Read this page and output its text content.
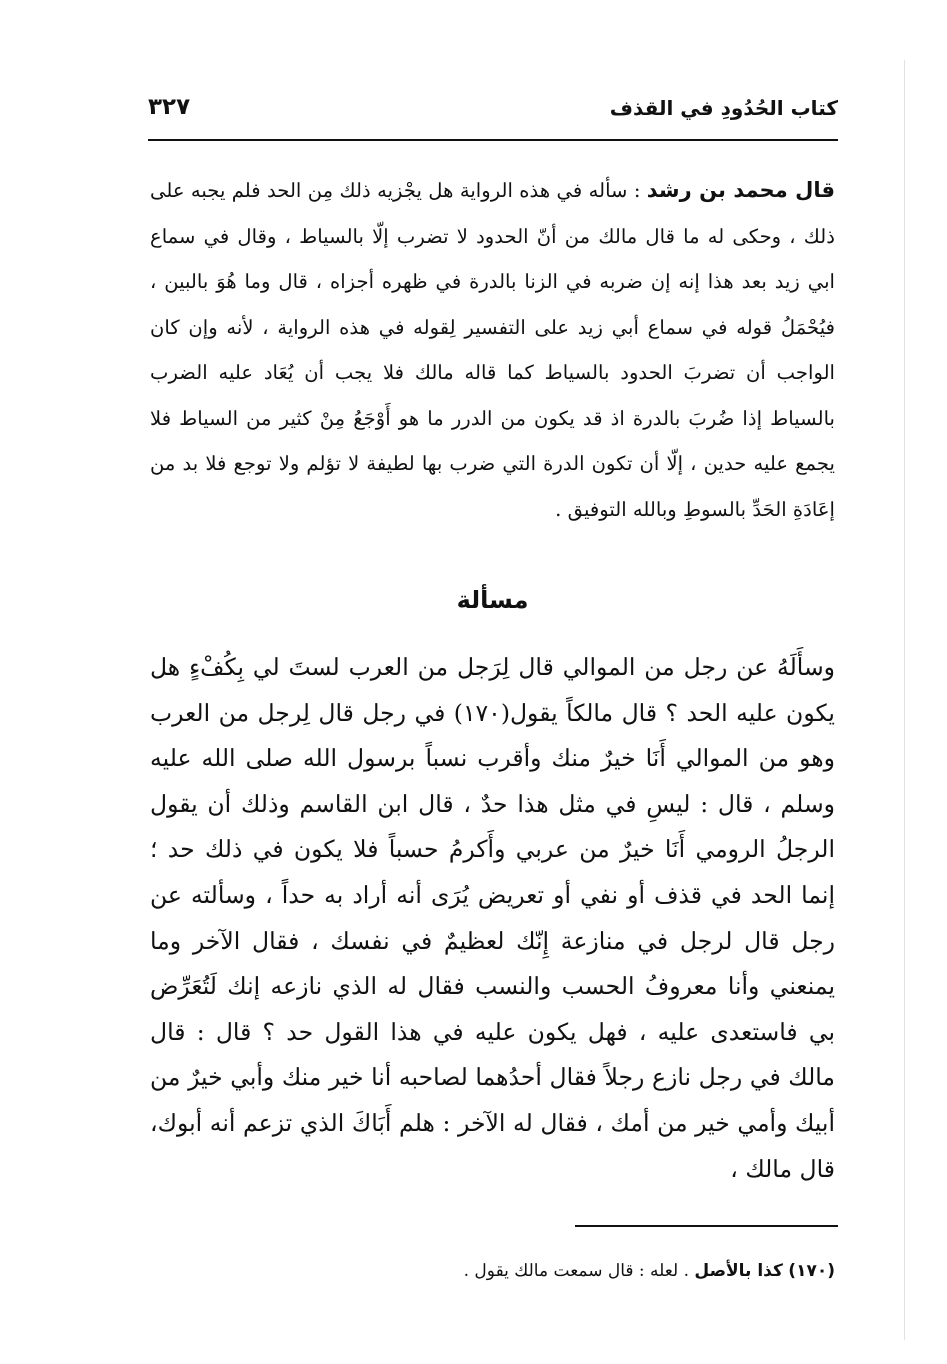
كتاب الحُدُودِ في القذف
٣٢٧
قال محمد بن رشد : سأله في هذه الرواية هل يجْزيه ذلك مِن الحد فلم يجبه على ذلك ، وحكى له ما قال مالك من أنّ الحدود لا تضرب إلّا بالسياط ، وقال في سماع ابي زيد بعد هذا إنه إن ضربه في الزنا بالدرة في ظهره أجزاه ، قال وما هُوَ بالبين ، فيُحْمَلُ قوله في سماع أبي زيد على التفسير لِقوله في هذه الرواية ، لأنه وإن كان الواجب أن تضربَ الحدود بالسياط كما قاله مالك فلا يجب أن يُعَاد عليه الضرب بالسياط إذا ضُربَ بالدرة اذ قد يكون من الدرر ما هو أَوْجَعُ مِنْ كثير من السياط فلا يجمع عليه حدين ، إلّا أن تكون الدرة التي ضرب بها لطيفة لا تؤلم ولا توجع فلا بد من إعَادَةِ الحَدِّ بالسوطِ وبالله التوفيق .
مسألة
وسأَلَهُ عن رجل من الموالي قال لِرَجل من العرب لستَ لي بِكُفْءٍ هل يكون عليه الحد ؟ قال مالكاً يقول(١٧٠) في رجل قال لِرجل من العرب وهو من الموالي أَنَا خيرٌ منك وأقرب نسباً برسول الله صلى الله عليه وسلم ، قال : ليسِ في مثل هذا حدٌ ، قال ابن القاسم وذلك أن يقول الرجلُ الرومي أَنَا خيرٌ من عربي وأَكرمُ حسباً فلا يكون في ذلك حد ؛ إنما الحد في قذف أو نفي أو تعريض يُرَى أنه أراد به حداً ، وسألته عن رجل قال لرجل في منازعة إِنّك لعظيمٌ في نفسك ، فقال الآخر وما يمنعني وأنا معروفُ الحسب والنسب فقال له الذي نازعه إنك لَتُعَرِّض بي فاستعدى عليه ، فهل يكون عليه في هذا القول حد ؟ قال : قال مالك في رجل نازع رجلاً فقال أحدُهما لصاحبه أنا خير منك وأبي خيرٌ من أبيك وأمي خير من أمك ، فقال له الآخر : هلم أَبَاكَ الذي تزعم أنه أبوك، قال مالك ،
(١٧٠) كذا بالأصل . لعله : قال سمعت مالك يقول .
